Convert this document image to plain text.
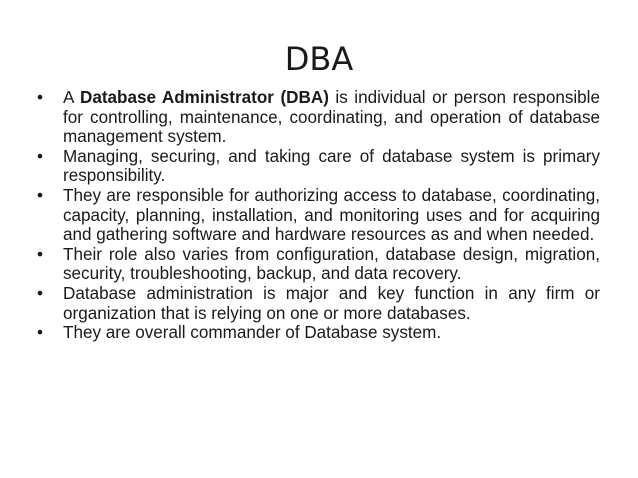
DBA
• A Database Administrator (DBA) is individual or person responsible for controlling, maintenance, coordinating, and operation of database management system.
• Managing, securing, and taking care of database system is primary responsibility.
• They are responsible for authorizing access to database, coordinating, capacity, planning, installation, and monitoring uses and for acquiring and gathering software and hardware resources as and when needed.
• Their role also varies from configuration, database design, migration, security, troubleshooting, backup, and data recovery.
• Database administration is major and key function in any firm or organization that is relying on one or more databases.
• They are overall commander of Database system.
